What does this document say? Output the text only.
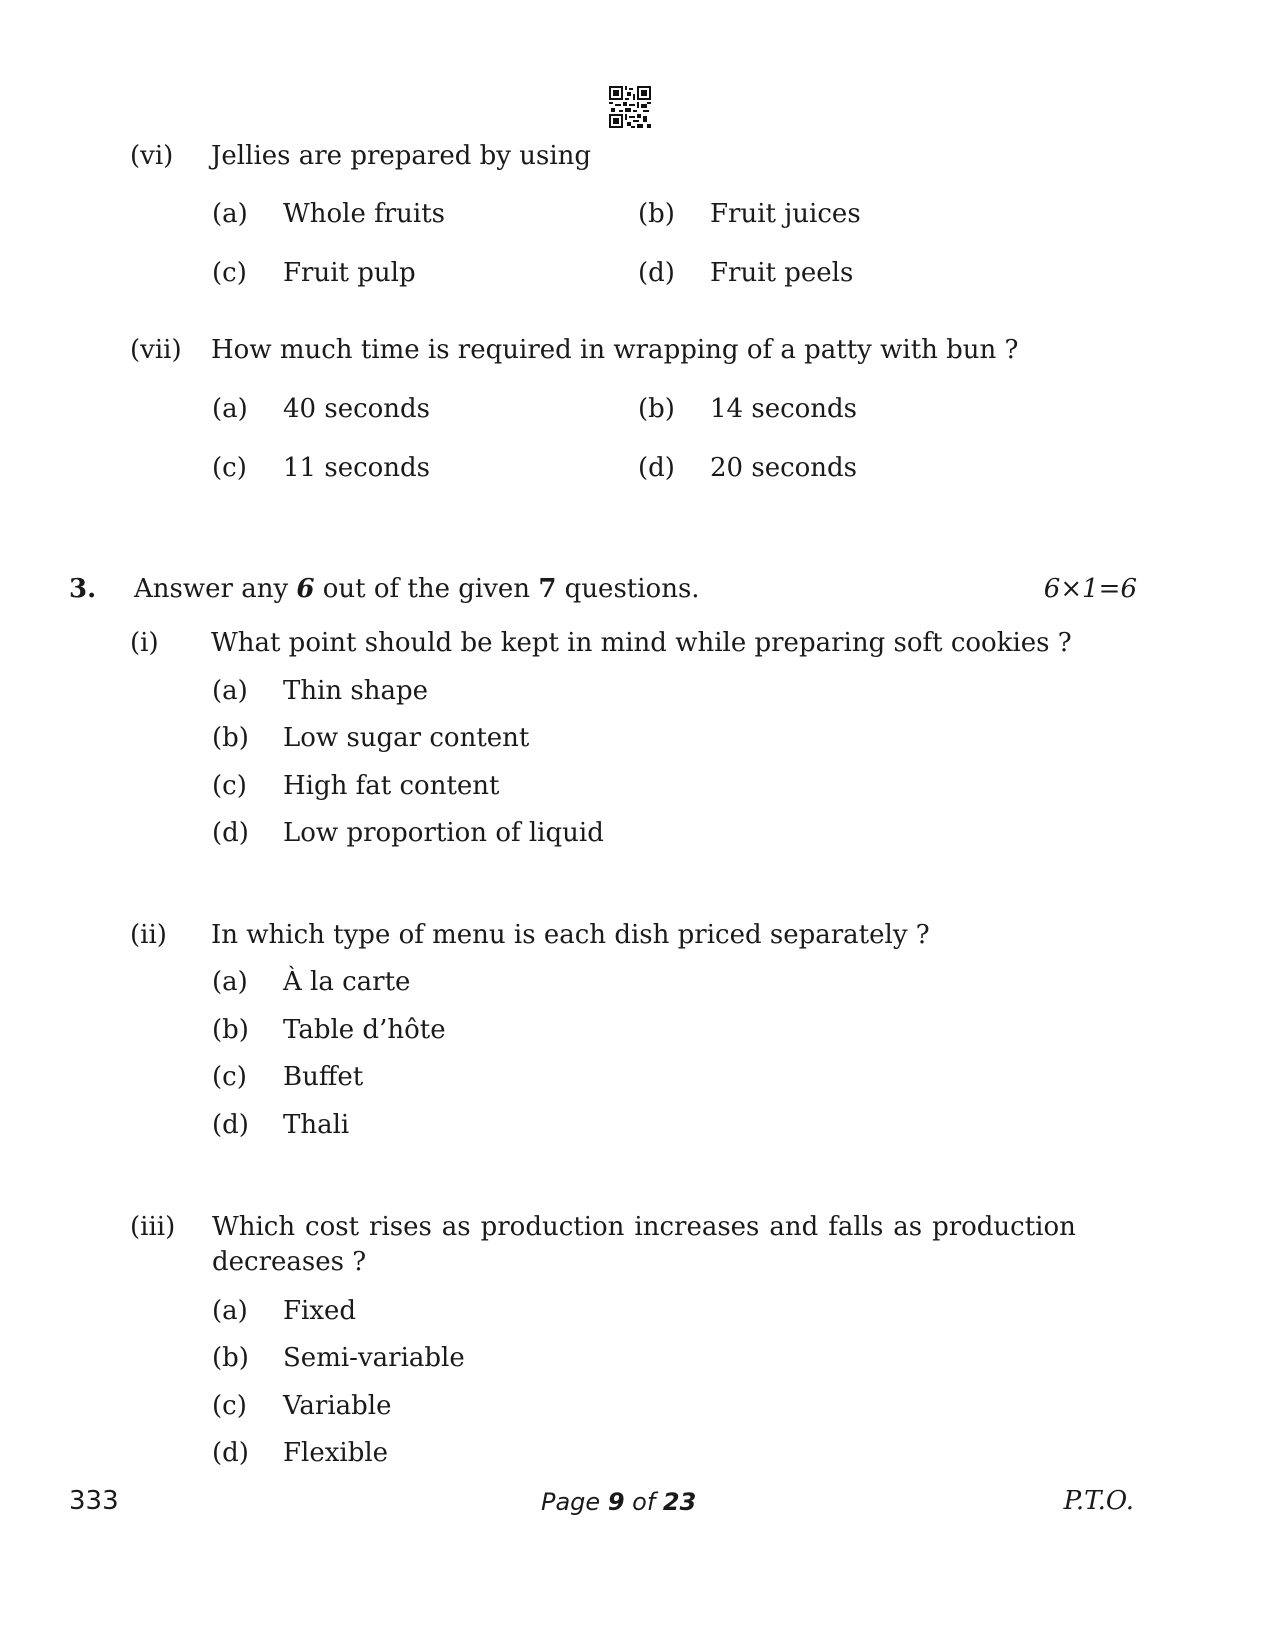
(vi) Jellies are prepared by using
(a) Whole fruits	(b) Fruit juices
(c) Fruit pulp	(d) Fruit peels
(vii) How much time is required in wrapping of a patty with bun ?
(a) 40 seconds	(b) 14 seconds
(c) 11 seconds	(d) 20 seconds
3. Answer any 6 out of the given 7 questions.	6×1=6
(i) What point should be kept in mind while preparing soft cookies ?
(a) Thin shape
(b) Low sugar content
(c) High fat content
(d) Low proportion of liquid
(ii) In which type of menu is each dish priced separately ?
(a) À la carte
(b) Table d’hôte
(c) Buffet
(d) Thali
(iii) Which cost rises as production increases and falls as production
decreases ?
(a) Fixed
(b) Semi-variable
(c) Variable
(d) Flexible
333	Page 9 of 23	P.T.O.
